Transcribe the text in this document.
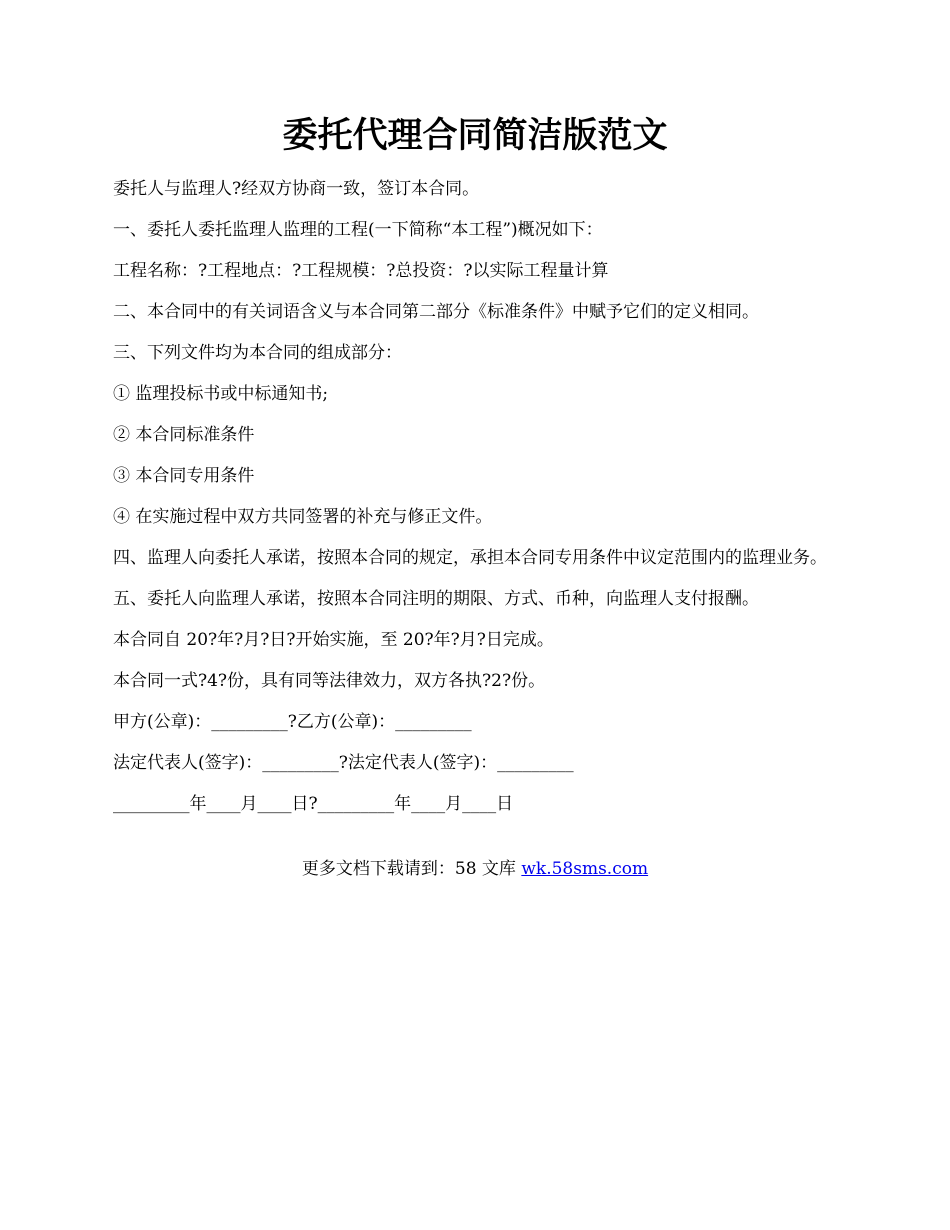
委托代理合同简洁版范文

委托人与监理人?经双方协商一致，签订本合同。

一、委托人委托监理人监理的工程(一下简称“本工程”)概况如下：

工程名称：?工程地点：?工程规模：?总投资：?以实际工程量计算

二、本合同中的有关词语含义与本合同第二部分《标准条件》中赋予它们的定义相同。

三、下列文件均为本合同的组成部分：

① 监理投标书或中标通知书;

② 本合同标准条件

③ 本合同专用条件

④ 在实施过程中双方共同签署的补充与修正文件。

四、监理人向委托人承诺，按照本合同的规定，承担本合同专用条件中议定范围内的监理业务。

五、委托人向监理人承诺，按照本合同注明的期限、方式、币种，向监理人支付报酬。

本合同自 20?年?月?日?开始实施，至 20?年?月?日完成。

本合同一式?4?份，具有同等法律效力，双方各执?2?份。

甲方(公章)：_________?乙方(公章)：_________

法定代表人(签字)：_________?法定代表人(签字)：_________

_________年____月____日?_________年____月____日

更多文档下载请到：58 文库 wk.58sms.com
